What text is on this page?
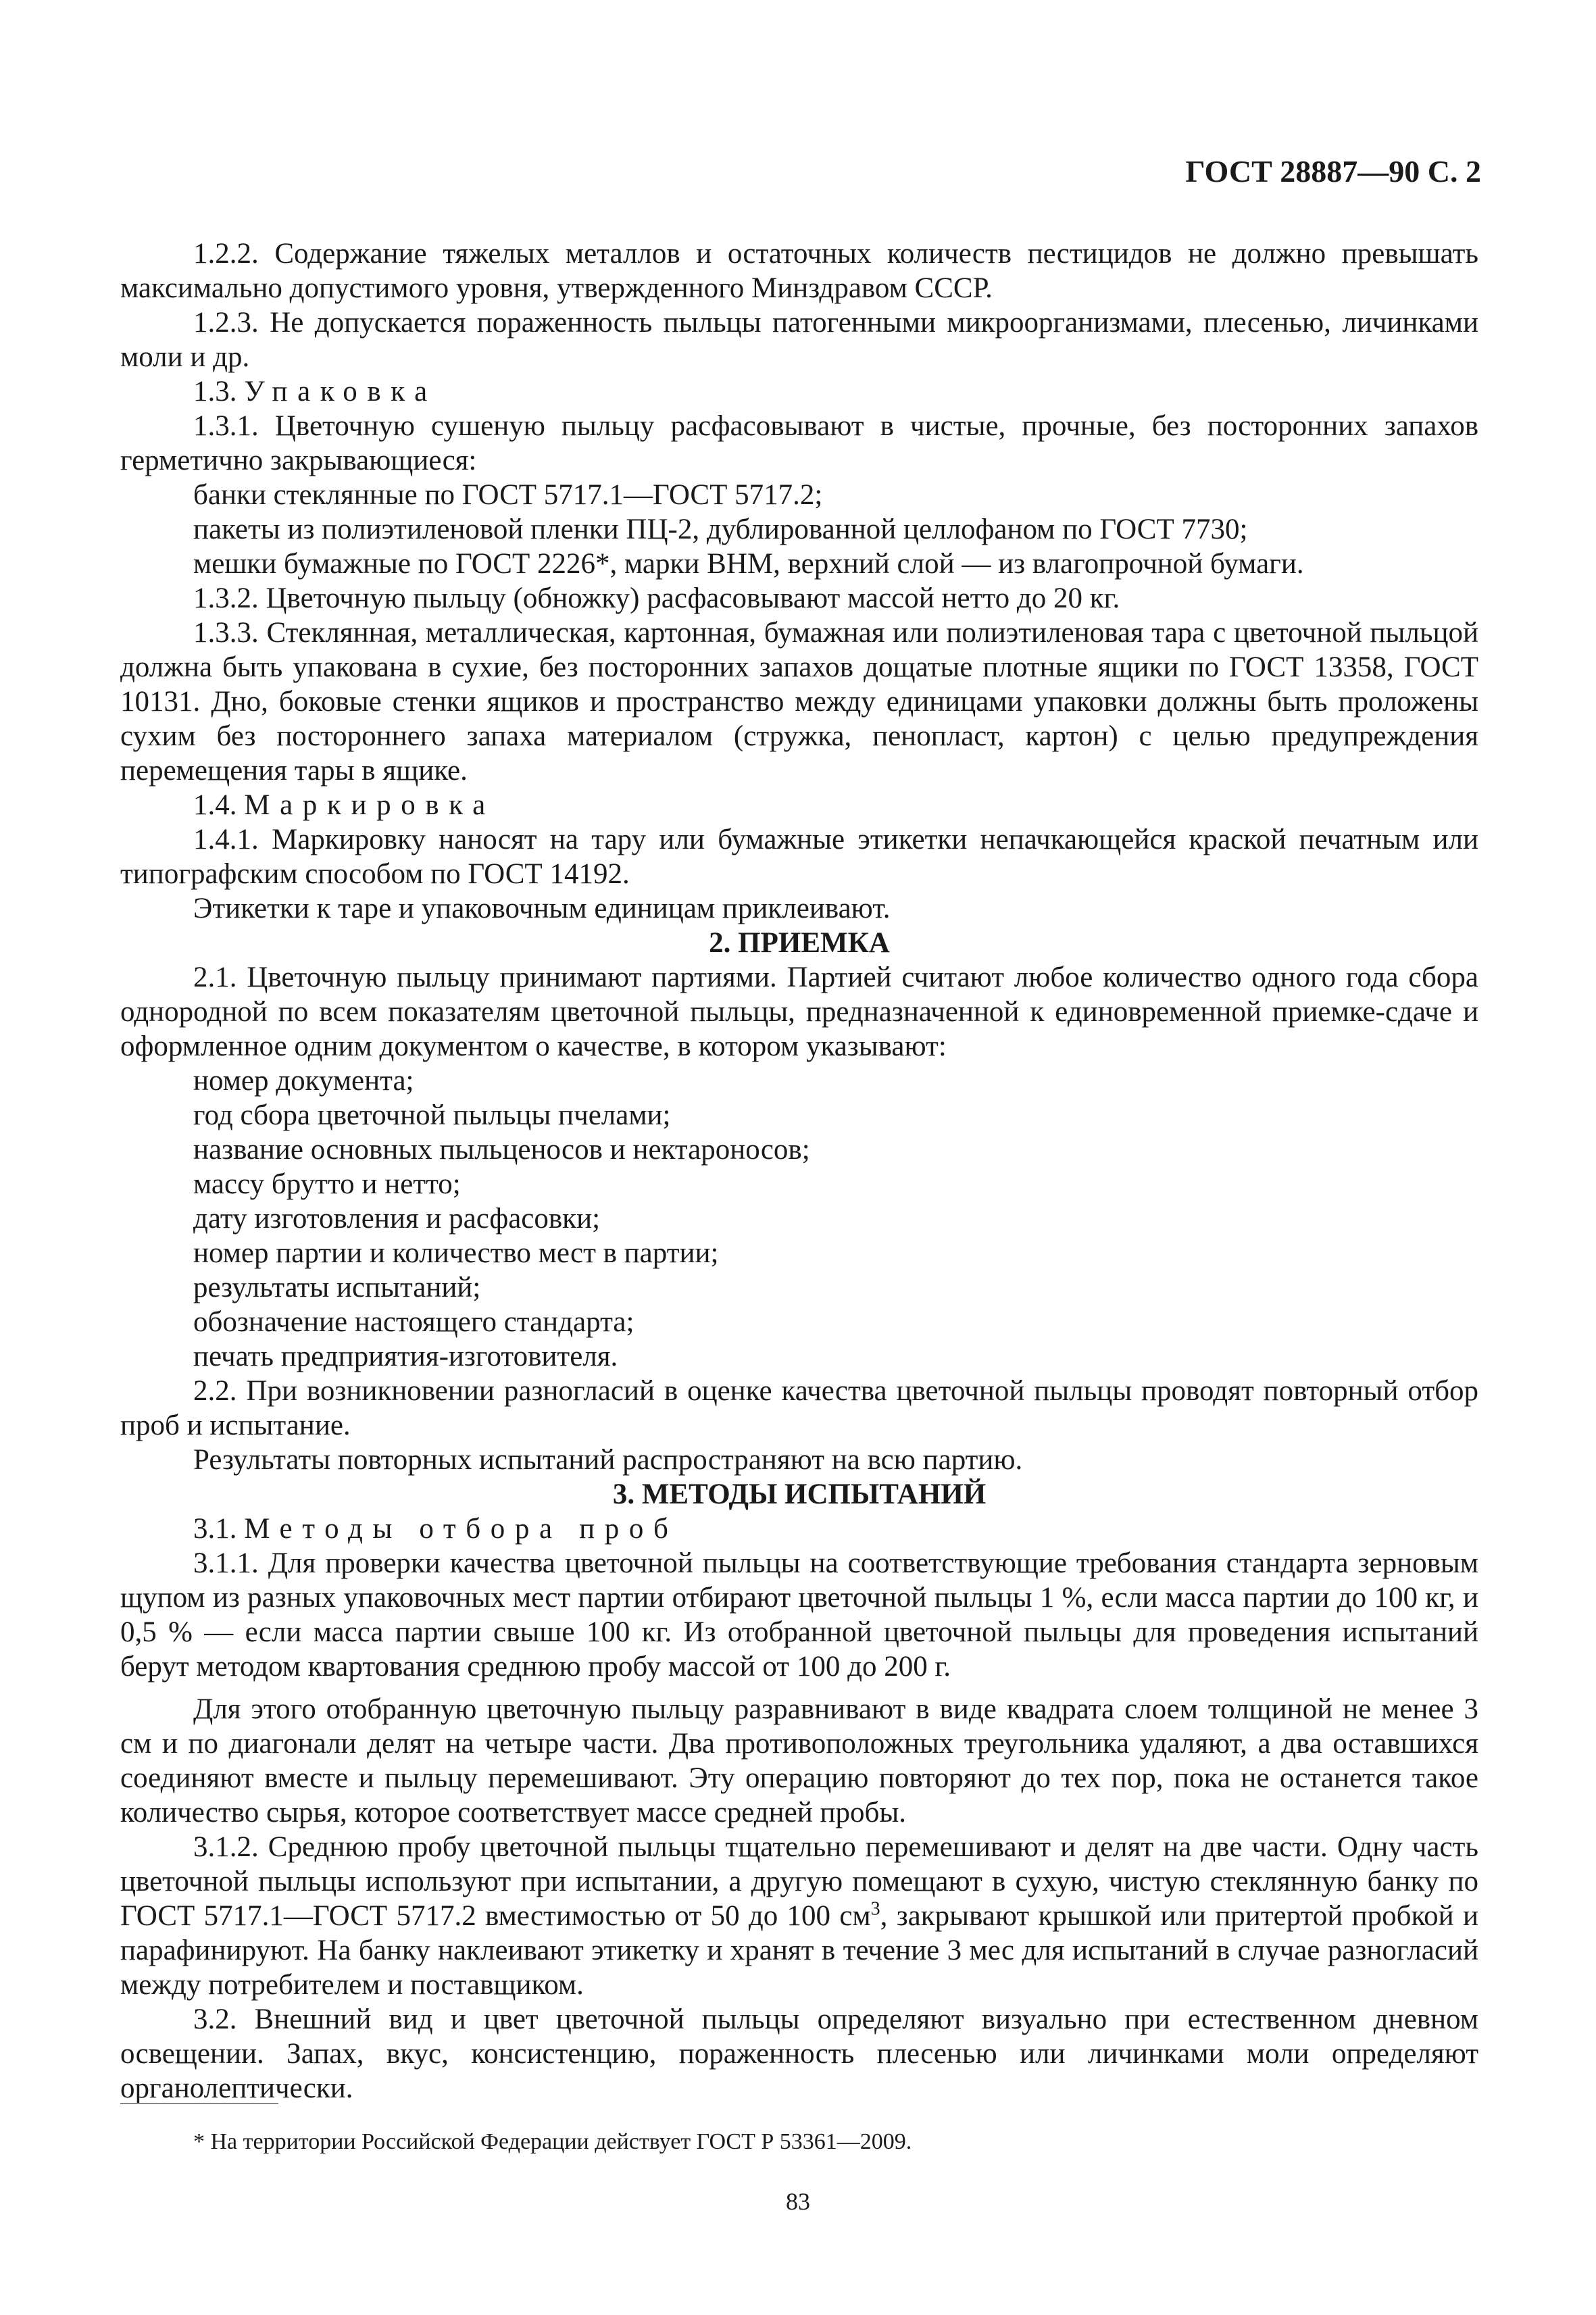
ГОСТ 28887—90 С. 2

1.2.2. Содержание тяжелых металлов и остаточных количеств пестицидов не должно превышать максимально допустимого уровня, утвержденного Минздравом СССР.

1.2.3. Не допускается пораженность пыльцы патогенными микроорганизмами, плесенью, личинками моли и др.

1.3. Упаковка

1.3.1. Цветочную сушеную пыльцу расфасовывают в чистые, прочные, без посторонних запахов герметично закрывающиеся:

банки стеклянные по ГОСТ 5717.1—ГОСТ 5717.2;

пакеты из полиэтиленовой пленки ПЦ-2, дублированной целлофаном по ГОСТ 7730;

мешки бумажные по ГОСТ 2226*, марки ВНМ, верхний слой — из влагопрочной бумаги.

1.3.2. Цветочную пыльцу (обножку) расфасовывают массой нетто до 20 кг.

1.3.3. Стеклянная, металлическая, картонная, бумажная или полиэтиленовая тара с цветочной пыльцой должна быть упакована в сухие, без посторонних запахов дощатые плотные ящики по ГОСТ 13358, ГОСТ 10131. Дно, боковые стенки ящиков и пространство между единицами упаковки должны быть проложены сухим без постороннего запаха материалом (стружка, пенопласт, картон) с целью предупреждения перемещения тары в ящике.

1.4. Маркировка

1.4.1. Маркировку наносят на тару или бумажные этикетки непачкающейся краской печатным или типографским способом по ГОСТ 14192.

Этикетки к таре и упаковочным единицам приклеивают.

2. ПРИЕМКА

2.1. Цветочную пыльцу принимают партиями. Партией считают любое количество одного года сбора однородной по всем показателям цветочной пыльцы, предназначенной к единовременной приемке-сдаче и оформленное одним документом о качестве, в котором указывают:

номер документа;

год сбора цветочной пыльцы пчелами;

название основных пыльценосов и нектароносов;

массу брутто и нетто;

дату изготовления и расфасовки;

номер партии и количество мест в партии;

результаты испытаний;

обозначение настоящего стандарта;

печать предприятия-изготовителя.

2.2. При возникновении разногласий в оценке качества цветочной пыльцы проводят повторный отбор проб и испытание.

Результаты повторных испытаний распространяют на всю партию.

3. МЕТОДЫ ИСПЫТАНИЙ

3.1. Методы отбора проб

3.1.1. Для проверки качества цветочной пыльцы на соответствующие требования стандарта зерновым щупом из разных упаковочных мест партии отбирают цветочной пыльцы 1 %, если масса партии до 100 кг, и 0,5 % — если масса партии свыше 100 кг. Из отобранной цветочной пыльцы для проведения испытаний берут методом квартования среднюю пробу массой от 100 до 200 г.

Для этого отобранную цветочную пыльцу разравнивают в виде квадрата слоем толщиной не менее 3 см и по диагонали делят на четыре части. Два противоположных треугольника удаляют, а два оставшихся соединяют вместе и пыльцу перемешивают. Эту операцию повторяют до тех пор, пока не останется такое количество сырья, которое соответствует массе средней пробы.

3.1.2. Среднюю пробу цветочной пыльцы тщательно перемешивают и делят на две части. Одну часть цветочной пыльцы используют при испытании, а другую помещают в сухую, чистую стеклянную банку по ГОСТ 5717.1—ГОСТ 5717.2 вместимостью от 50 до 100 $см^3$, закрывают крышкой или притертой пробкой и парафинируют. На банку наклеивают этикетку и хранят в течение 3 мес для испытаний в случае разногласий между потребителем и поставщиком.

3.2. Внешний вид и цвет цветочной пыльцы определяют визуально при естественном дневном освещении. Запах, вкус, консистенцию, пораженность плесенью или личинками моли определяют органолептически.

* На территории Российской Федерации действует ГОСТ Р 53361—2009.
83
